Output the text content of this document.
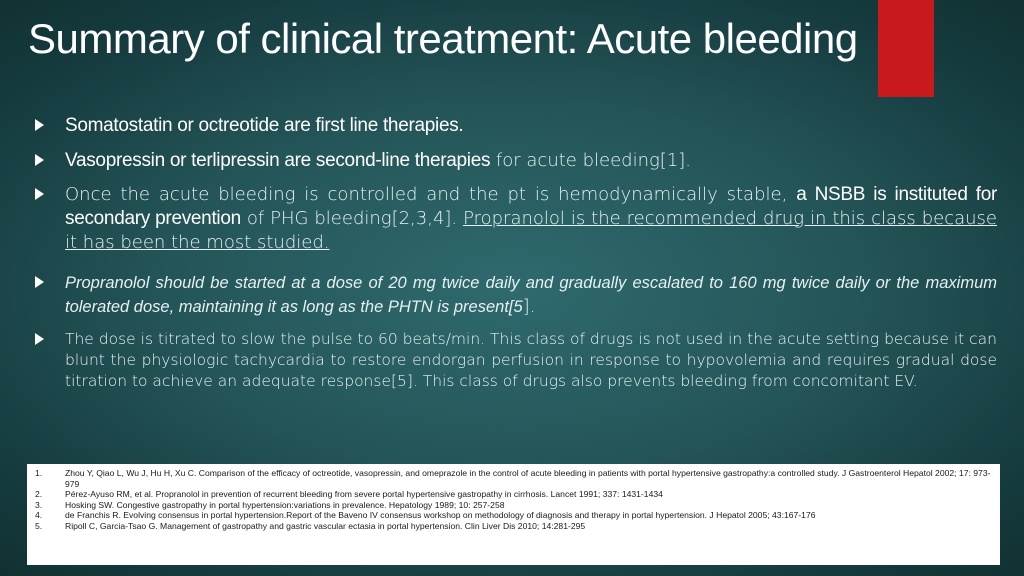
Summary of clinical treatment: Acute bleeding

Somatostatin or octreotide are first line therapies.

Vasopressin or terlipressin are second-line therapies for acute bleeding[1].

Once the acute bleeding is controlled and the pt is hemodynamically stable, a NSBB is instituted for secondary prevention of PHG bleeding[2,3,4]. Propranolol is the recommended drug in this class because it has been the most studied.

Propranolol should be started at a dose of 20 mg twice daily and gradually escalated to 160 mg twice daily or the maximum tolerated dose, maintaining it as long as the PHTN is present[5].

The dose is titrated to slow the pulse to 60 beats/min. This class of drugs is not used in the acute setting because it can blunt the physiologic tachycardia to restore endorgan perfusion in response to hypovolemia and requires gradual dose titration to achieve an adequate response[5]. This class of drugs also prevents bleeding from concomitant EV.

1.	Zhou Y, Qiao L, Wu J, Hu H, Xu C. Comparison of the efficacy of octreotide, vasopressin, and omeprazole in the control of acute bleeding in patients with portal hypertensive gastropathy:a controlled study. J Gastroenterol Hepatol 2002; 17: 973-979
2.	Pérez-Ayuso RM, et al. Propranolol in prevention of recurrent bleeding from severe portal hypertensive gastropathy in cirrhosis. Lancet 1991; 337: 1431-1434
3.	Hosking SW. Congestive gastropathy in portal hypertension:variations in prevalence. Hepatology 1989; 10: 257-258
4.	de Franchis R. Evolving consensus in portal hypertension.Report of the Baveno IV consensus workshop on methodology of diagnosis and therapy in portal hypertension. J Hepatol 2005; 43:167-176
5.	Ripoll C, Garcia-Tsao G. Management of gastropathy and gastric vascular ectasia in portal hypertension. Clin Liver Dis 2010; 14:281-295
